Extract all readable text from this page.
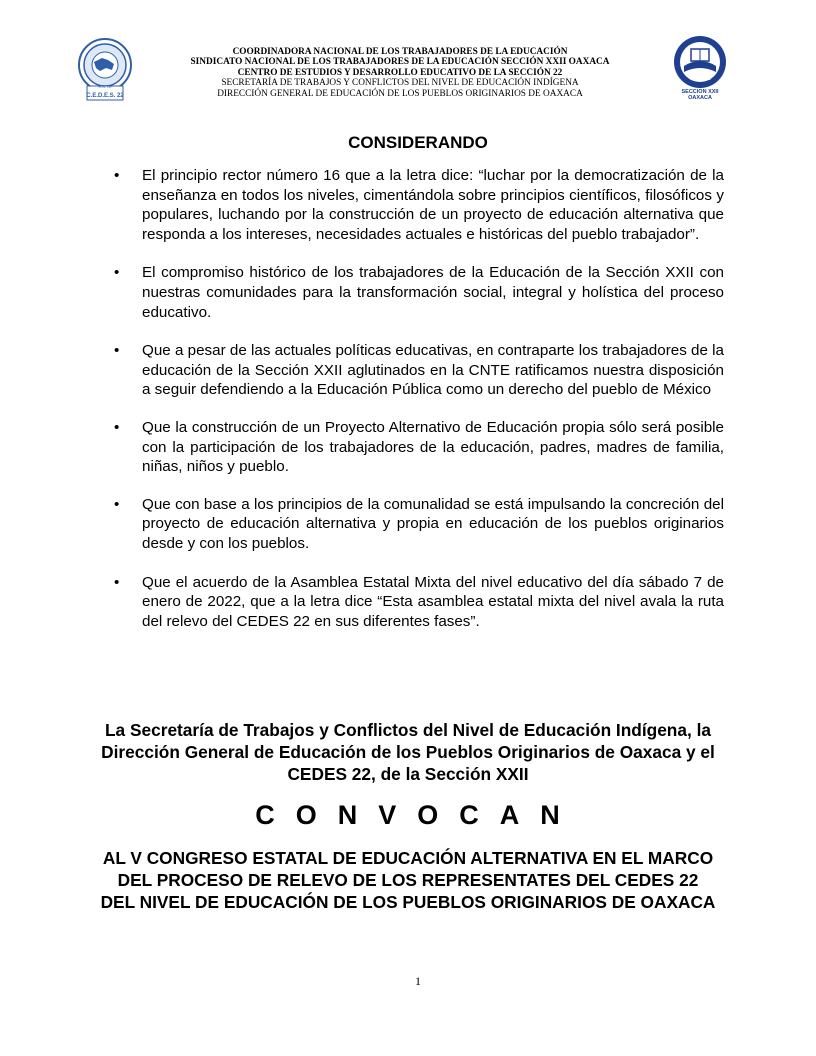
S.N.T.E
C.E.D.E.S. 22
SNTE
SECCION XXII
OAXACA
COORDINADORA NACIONAL DE LOS TRABAJADORES DE LA EDUCACIÓN
SINDICATO NACIONAL DE LOS TRABAJADORES DE LA EDUCACIÓN SECCIÓN XXII OAXACA
CENTRO DE ESTUDIOS Y DESARROLLO EDUCATIVO DE LA SECCIÓN 22
SECRETARÍA DE TRABAJOS Y CONFLICTOS DEL NIVEL DE EDUCACIÓN INDÍGENA
DIRECCIÓN GENERAL DE EDUCACIÓN DE LOS PUEBLOS ORIGINARIOS DE OAXACA
CONSIDERANDO
• El principio rector número 16 que a la letra dice: “luchar por la democratización de la enseñanza en todos los niveles, cimentándola sobre principios científicos, filosóficos y populares, luchando por la construcción de un proyecto de educación alternativa que responda a los intereses, necesidades actuales e históricas del pueblo trabajador”.
• El compromiso histórico de los trabajadores de la Educación de la Sección XXII con nuestras comunidades para la transformación social, integral y holística del proceso educativo.
• Que a pesar de las actuales políticas educativas, en contraparte los trabajadores de la educación de la Sección XXII aglutinados en la CNTE ratificamos nuestra disposición a seguir defendiendo a la Educación Pública como un derecho del pueblo de México
• Que la construcción de un Proyecto Alternativo de Educación propia sólo será posible con la participación de los trabajadores de la educación, padres, madres de familia, niñas, niños y pueblo.
• Que con base a los principios de la comunalidad se está impulsando la concreción del proyecto de educación alternativa y propia en educación de los pueblos originarios desde y con los pueblos.
• Que el acuerdo de la Asamblea Estatal Mixta del nivel educativo del día sábado 7 de enero de 2022, que a la letra dice “Esta asamblea estatal mixta del nivel avala la ruta del relevo del CEDES 22 en sus diferentes fases”.
La Secretaría de Trabajos y Conflictos del Nivel de Educación Indígena, la Dirección General de Educación de los Pueblos Originarios de Oaxaca y el CEDES 22, de la Sección XXII
CONVOCAN
AL V CONGRESO ESTATAL DE EDUCACIÓN ALTERNATIVA EN EL MARCO DEL PROCESO DE RELEVO DE LOS REPRESENTATES DEL CEDES 22 DEL NIVEL DE EDUCACIÓN DE LOS PUEBLOS ORIGINARIOS DE OAXACA
1
